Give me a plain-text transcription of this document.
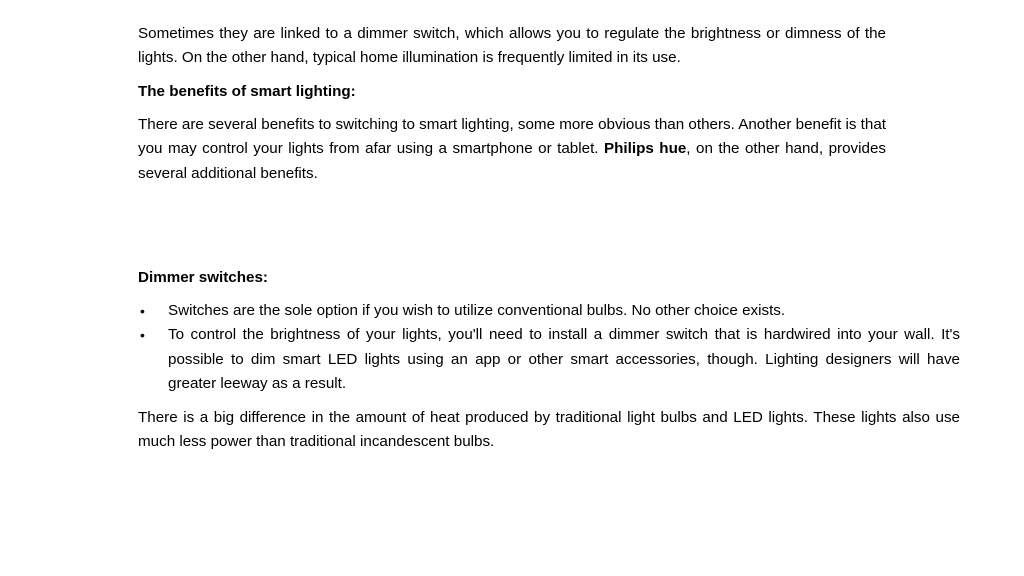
Sometimes they are linked to a dimmer switch, which allows you to regulate the brightness or dimness of the lights. On the other hand, typical home illumination is frequently limited in its use.

The benefits of smart lighting:

There are several benefits to switching to smart lighting, some more obvious than others. Another benefit is that you may control your lights from afar using a smartphone or tablet. Philips hue, on the other hand, provides several additional benefits.

Dimmer switches:
• Switches are the sole option if you wish to utilize conventional bulbs. No other choice exists.
• To control the brightness of your lights, you'll need to install a dimmer switch that is hardwired into your wall. It's possible to dim smart LED lights using an app or other smart accessories, though. Lighting designers will have greater leeway as a result.

There is a big difference in the amount of heat produced by traditional light bulbs and LED lights. These lights also use much less power than traditional incandescent bulbs.
